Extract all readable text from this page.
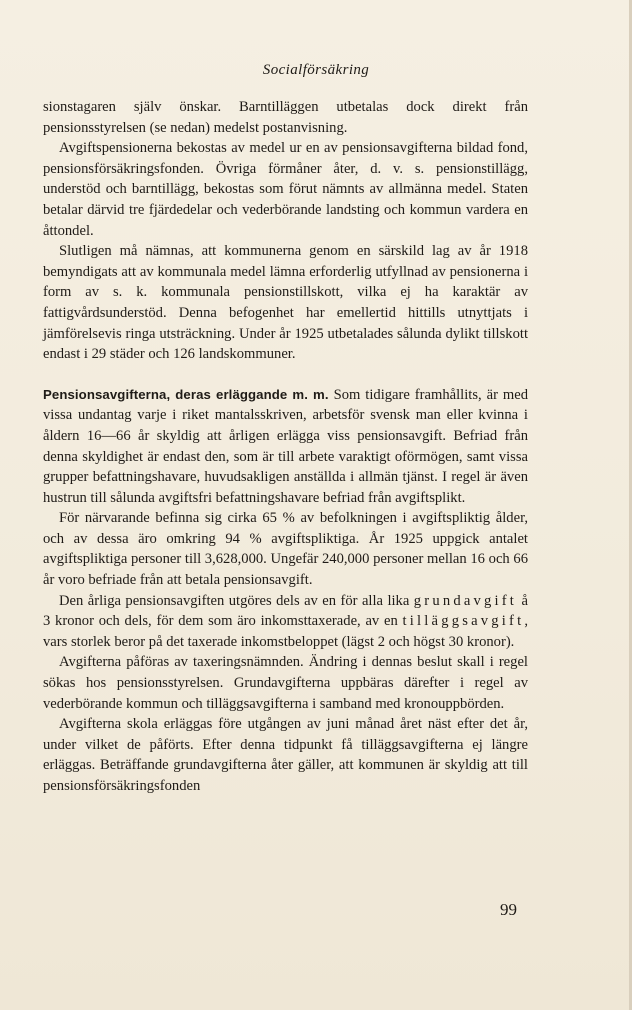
Socialförsäkring

sionstagaren själv önskar. Barntilläggen utbetalas dock direkt från pensionsstyrelsen (se nedan) medelst postanvisning.

Avgiftspensionerna bekostas av medel ur en av pensionsavgifterna bildad fond, pensionsförsäkringsfonden. Övriga förmåner åter, d. v. s. pensionstillägg, understöd och barntillägg, bekostas som förut nämnts av allmänna medel. Staten betalar därvid tre fjärdedelar och vederbörande landsting och kommun vardera en åttondel.

Slutligen må nämnas, att kommunerna genom en särskild lag av år 1918 bemyndigats att av kommunala medel lämna erforderlig utfyllnad av pensionerna i form av s. k. kommunala pensionstillskott, vilka ej ha karaktär av fattigvårdsunderstöd. Denna befogenhet har emellertid hittills utnyttjats i jämförelsevis ringa utsträckning. Under år 1925 utbetalades sålunda dylikt tillskott endast i 29 städer och 126 landskommuner.

Pensionsavgifterna, deras erläggande m. m. Som tidigare framhållits, är med vissa undantag varje i riket mantalsskriven, arbetsför svensk man eller kvinna i åldern 16—66 år skyldig att årligen erlägga viss pensionsavgift. Befriad från denna skyldighet är endast den, som är till arbete varaktigt oförmögen, samt vissa grupper befattningshavare, huvudsakligen anställda i allmän tjänst. I regel är även hustrun till sålunda avgiftsfri befattningshavare befriad från avgiftsplikt.

För närvarande befinna sig cirka 65 % av befolkningen i avgiftspliktig ålder, och av dessa äro omkring 94 % avgiftspliktiga. År 1925 uppgick antalet avgiftspliktiga personer till 3,628,000. Ungefär 240,000 personer mellan 16 och 66 år voro befriade från att betala pensionsavgift.

Den årliga pensionsavgiften utgöres dels av en för alla lika grundavgift å 3 kronor och dels, för dem som äro inkomsttaxerade, av en tilläggsavgift, vars storlek beror på det taxerade inkomstbeloppet (lägst 2 och högst 30 kronor).

Avgifterna påföras av taxeringsnämnden. Ändring i dennas beslut skall i regel sökas hos pensionsstyrelsen. Grundavgifterna uppbäras därefter i regel av vederbörande kommun och tilläggsavgifterna i samband med kronouppbörden.

Avgifterna skola erläggas före utgången av juni månad året näst efter det år, under vilket de påförts. Efter denna tidpunkt få tilläggsavgifterna ej längre erläggas. Beträffande grundavgifterna åter gäller, att kommunen är skyldig att till pensionsförsäkringsfonden

99
